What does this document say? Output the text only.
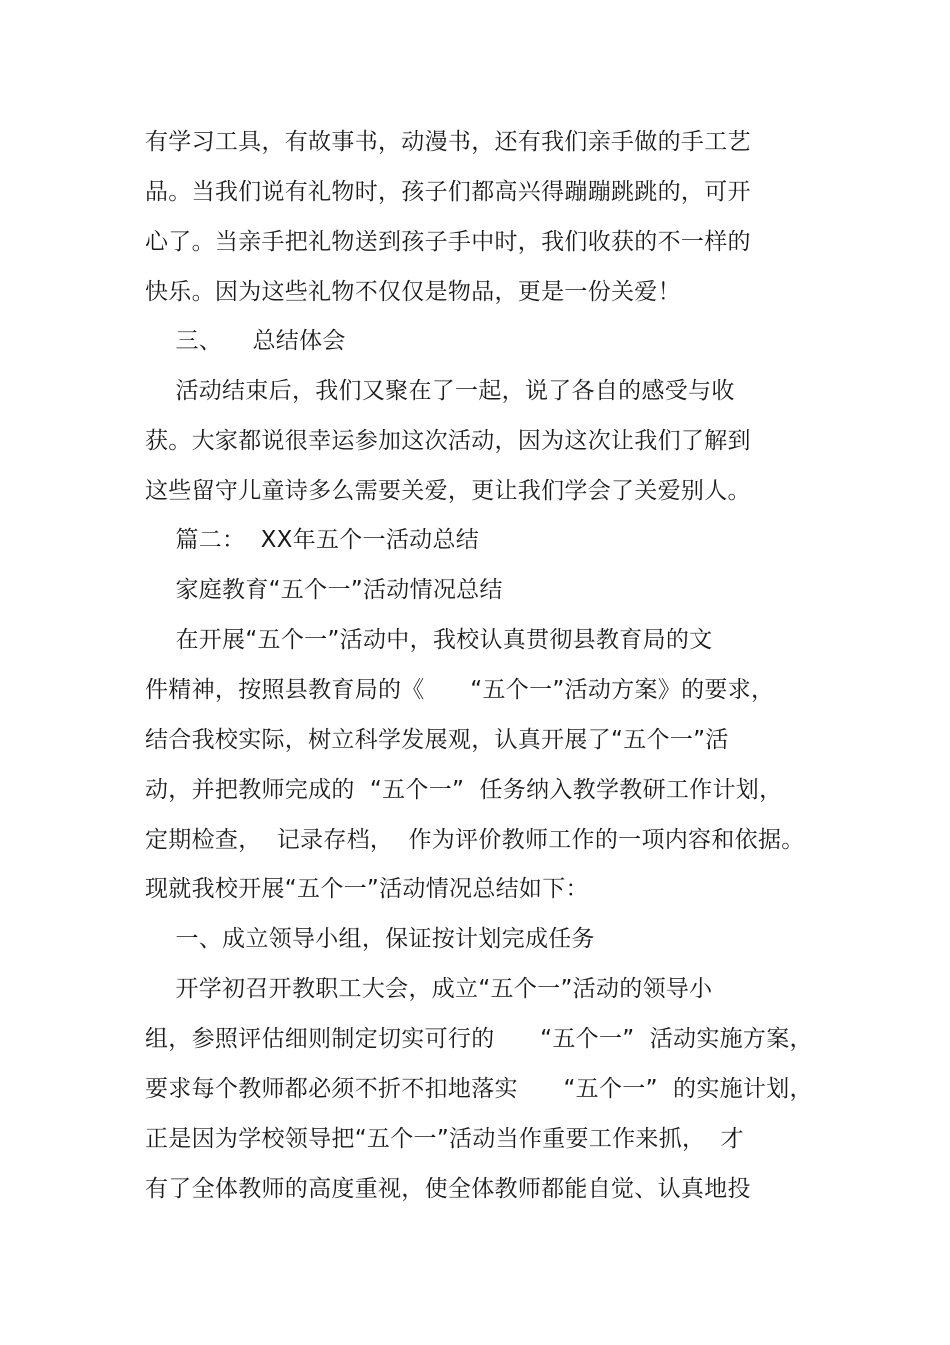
有学习工具，有故事书，动漫书，还有我们亲手做的手工艺
品。当我们说有礼物时，孩子们都高兴得蹦蹦跳跳的，可开
心了。当亲手把礼物送到孩子手中时，我们收获的不一样的
快乐。因为这些礼物不仅仅是物品，更是一份关爱！
三、    总结体会
活动结束后，我们又聚在了一起，说了各自的感受与收
获。大家都说很幸运参加这次活动，因为这次让我们了解到
这些留守儿童诗多么需要关爱，更让我们学会了关爱别人。
篇二：  XX年五个一活动总结
家庭教育“五个一”活动情况总结
在开展“五个一”活动中，我校认真贯彻县教育局的文
件精神，按照县教育局的《      “五个一”活动方案》的要求，
结合我校实际，树立科学发展观，认真开展了“五个一”活
动，并把教师完成的  “五个一”  任务纳入教学教研工作计划，
定期检查，  记录存档，  作为评价教师工作的一项内容和依据。
现就我校开展“五个一”活动情况总结如下：
一、成立领导小组，保证按计划完成任务
开学初召开教职工大会，成立“五个一”活动的领导小
组，参照评估细则制定切实可行的      “五个一”  活动实施方案，
要求每个教师都必须不折不扣地落实      “五个一”  的实施计划，
正是因为学校领导把“五个一”活动当作重要工作来抓，  才
有了全体教师的高度重视，使全体教师都能自觉、认真地投
